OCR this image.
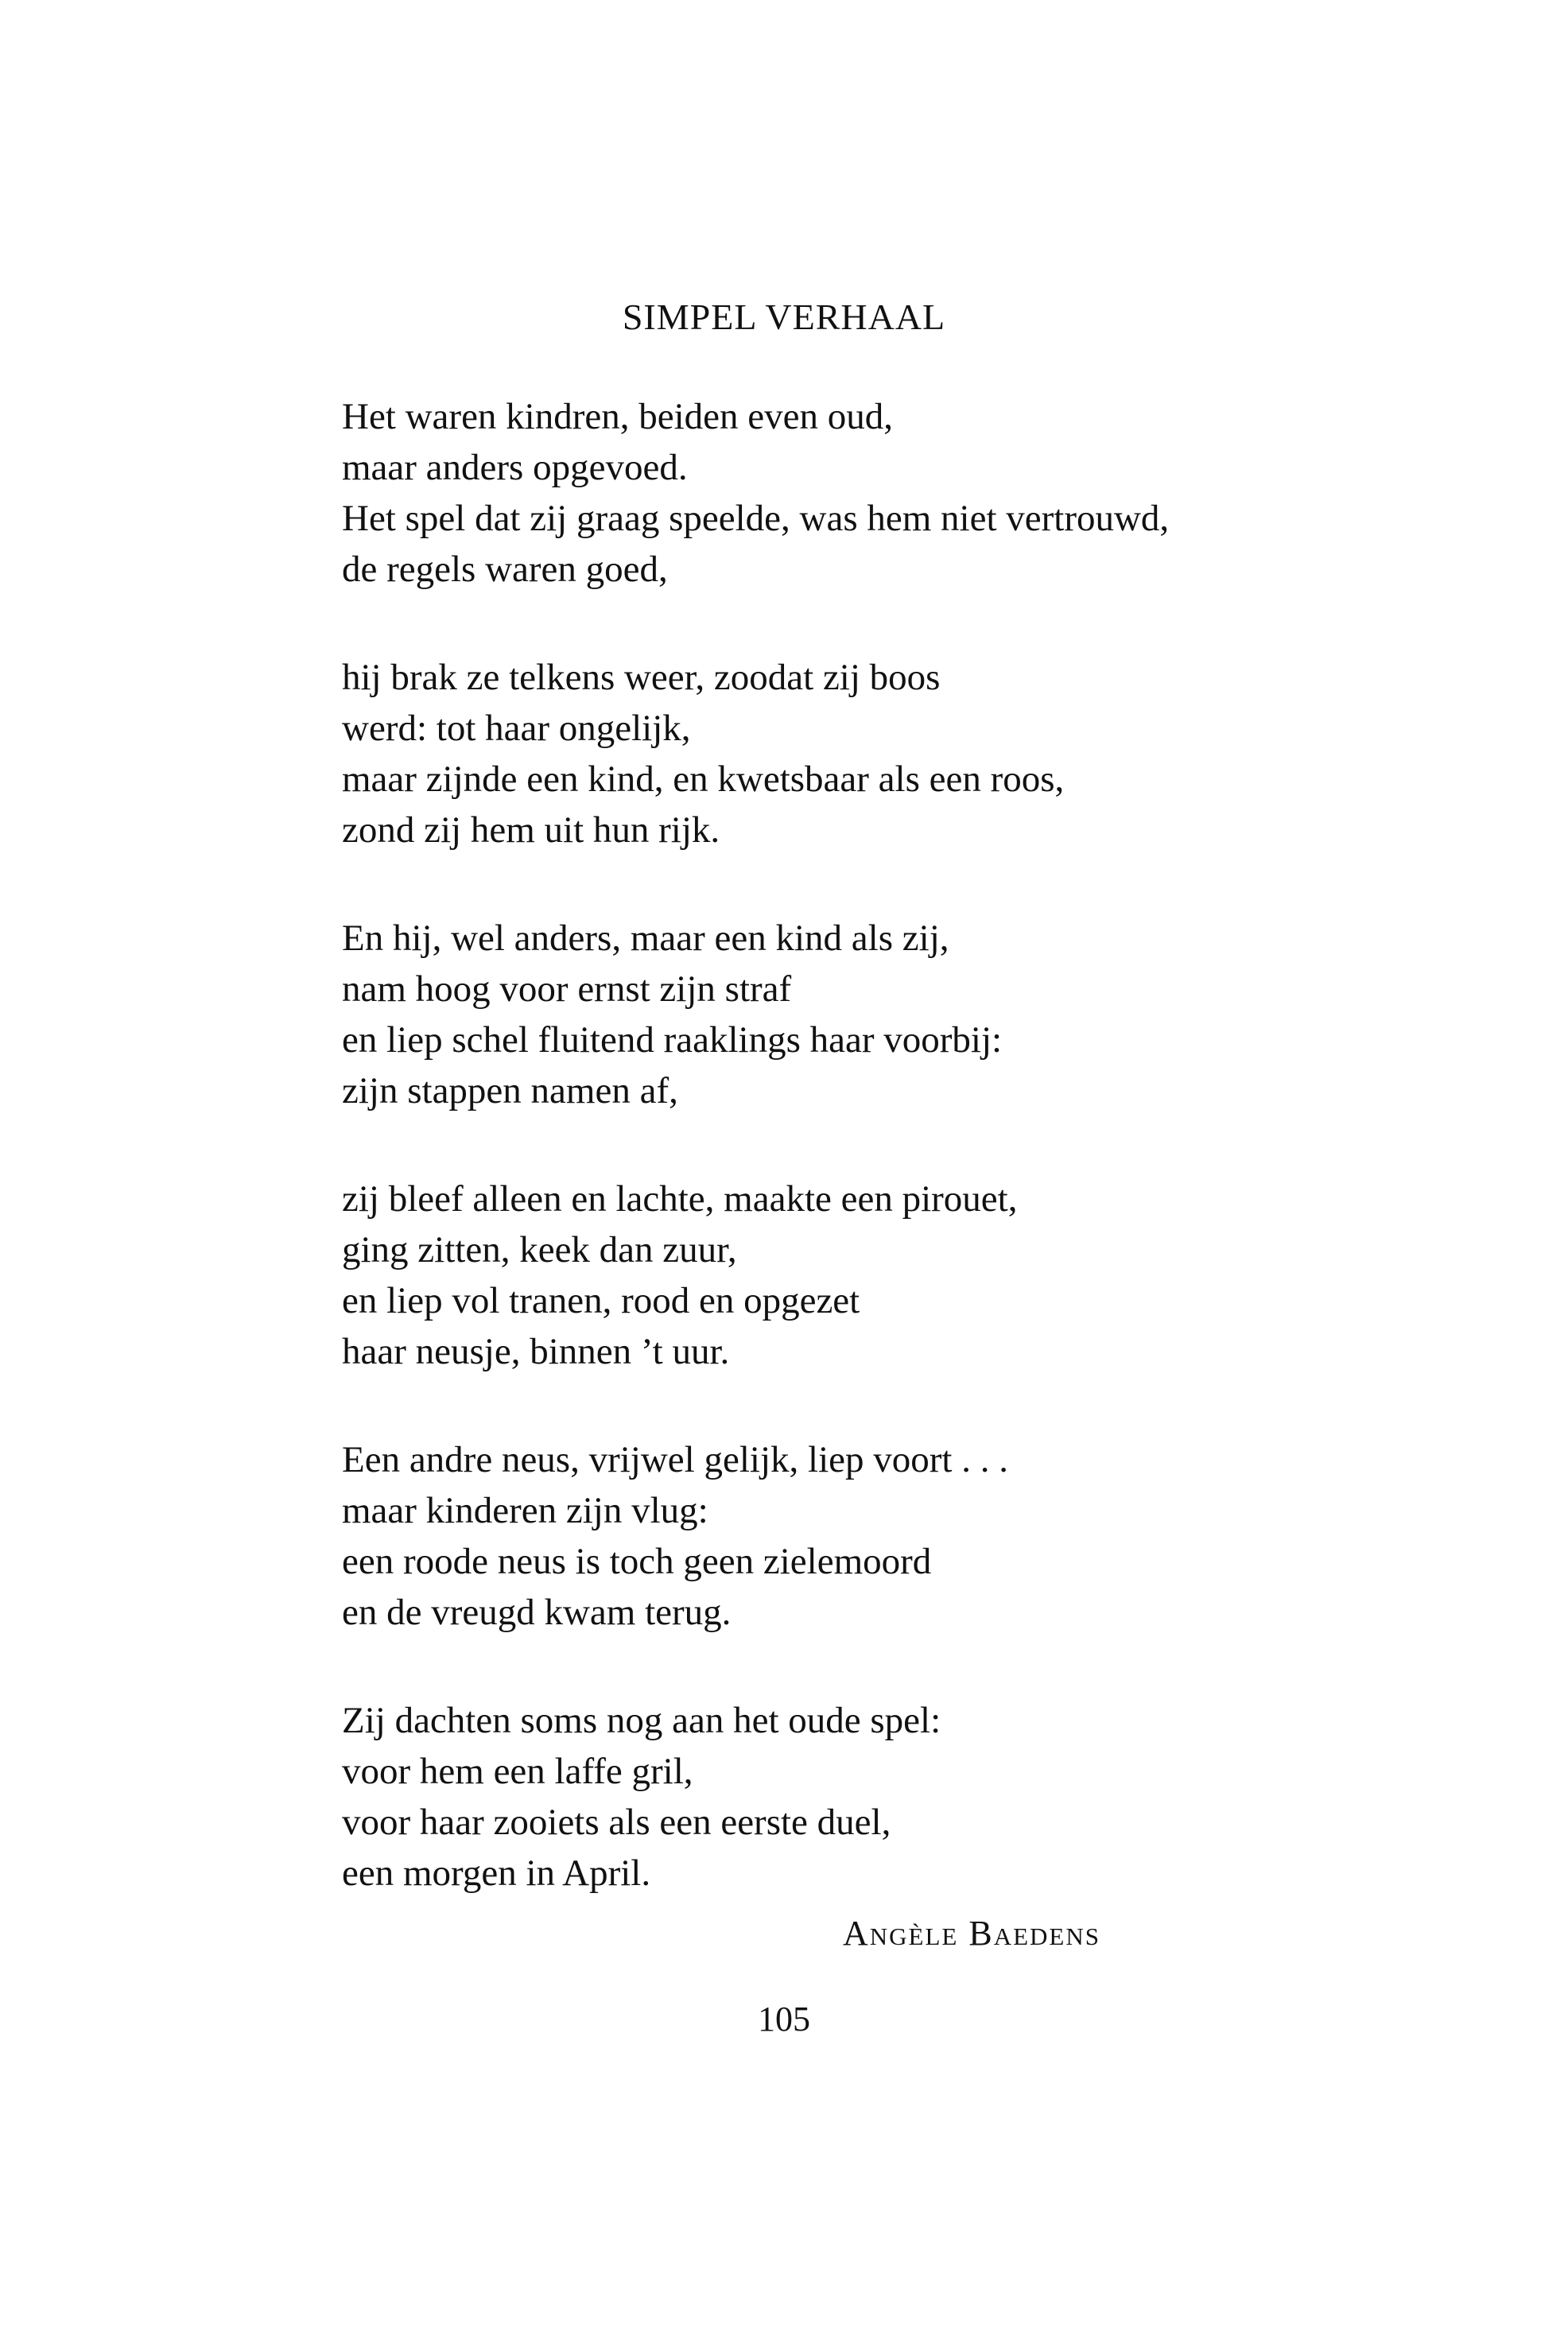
SIMPEL VERHAAL
Het waren kindren, beiden even oud,
maar anders opgevoed.
Het spel dat zij graag speelde, was hem niet vertrouwd,
de regels waren goed,
hij brak ze telkens weer, zoodat zij boos
werd: tot haar ongelijk,
maar zijnde een kind, en kwetsbaar als een roos,
zond zij hem uit hun rijk.
En hij, wel anders, maar een kind als zij,
nam hoog voor ernst zijn straf
en liep schel fluitend raaklings haar voorbij:
zijn stappen namen af,
zij bleef alleen en lachte, maakte een pirouet,
ging zitten, keek dan zuur,
en liep vol tranen, rood en opgezet
haar neusje, binnen ’t uur.
Een andre neus, vrijwel gelijk, liep voort . . .
maar kinderen zijn vlug:
een roode neus is toch geen zielemoord
en de vreugd kwam terug.
Zij dachten soms nog aan het oude spel:
voor hem een laffe gril,
voor haar zooiets als een eerste duel,
een morgen in April.
Angèle Baedens
105
